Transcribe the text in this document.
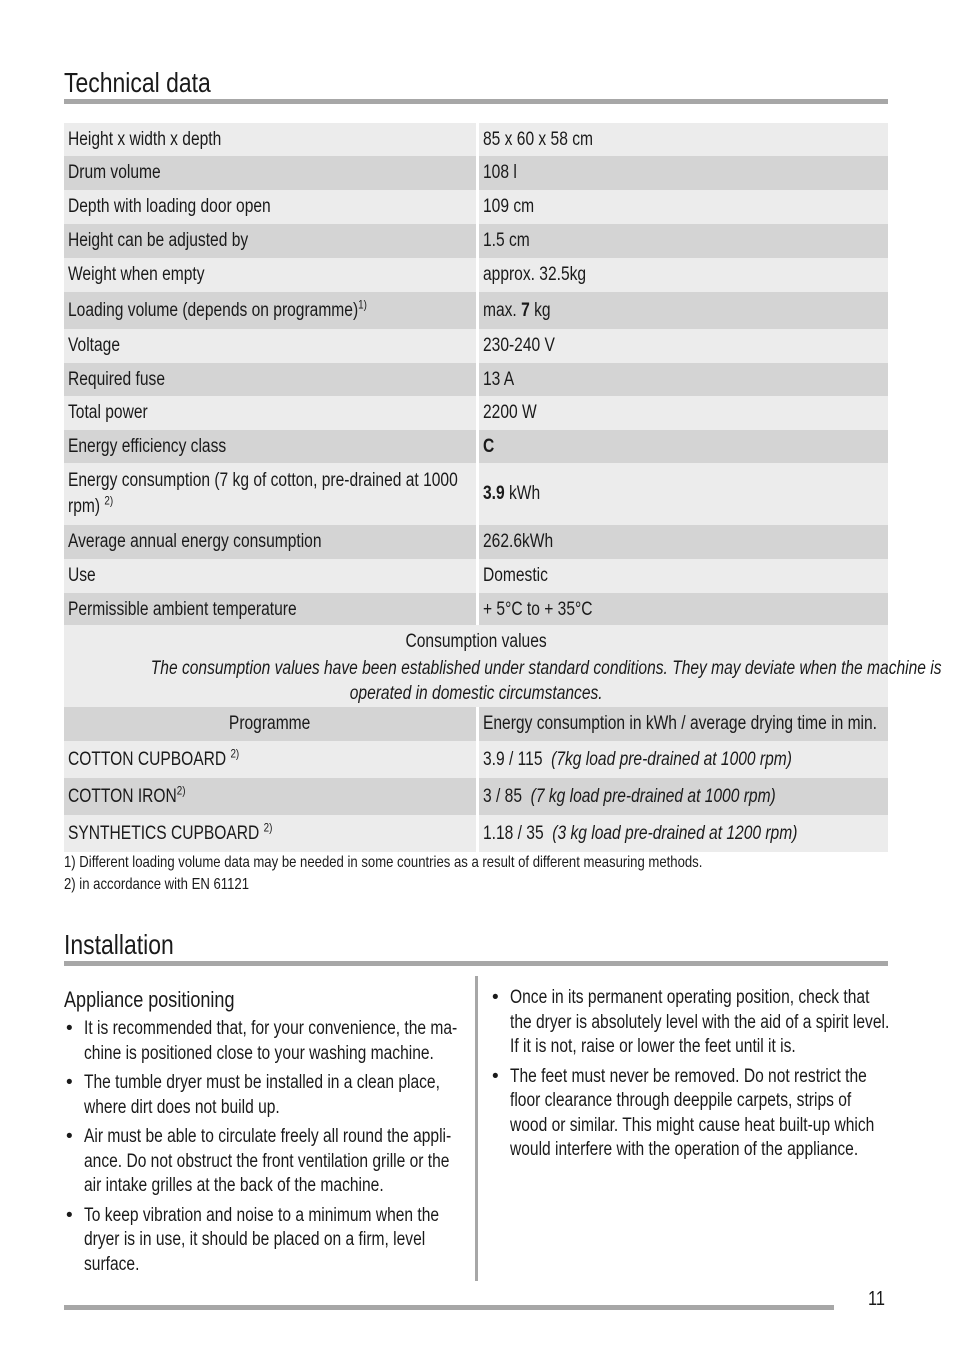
Technical data
Height x width x depth	85 x 60 x 58 cm
Drum volume	108 l
Depth with loading door open	109 cm
Height can be adjusted by	1.5 cm
Weight when empty	approx. 32.5kg
Loading volume (depends on programme)$^{1)}$	max. 7 kg
Voltage	230-240 V
Required fuse	13 A
Total power	2200 W
Energy efficiency class	C
Energy consumption (7 kg of cotton, pre-drained at 1000
rpm) $^{2)}$	3.9 kWh
Average annual energy consumption	262.6kWh
Use	Domestic
Permissible ambient temperature	+ 5°C to + 35°C
Consumption values
The consumption values have been established under standard conditions. They may deviate when the machine is
operated in domestic circumstances.
Programme	Energy consumption in kWh / average drying time in min.
COTTON CUPBOARD $^{2)}$	3.9 / 115 (7kg load pre-drained at 1000 rpm)
COTTON IRON$^{2)}$	3 / 85 (7 kg load pre-drained at 1000 rpm)
SYNTHETICS CUPBOARD $^{2)}$	1.18 / 35 (3 kg load pre-drained at 1200 rpm)
1) Different loading volume data may be needed in some countries as a result of different measuring methods.
2) in accordance with EN 61121
Installation
Appliance positioning
• It is recommended that, for your convenience, the ma-
chine is positioned close to your washing machine.
• The tumble dryer must be installed in a clean place,
where dirt does not build up.
• Air must be able to circulate freely all round the appli-
ance. Do not obstruct the front ventilation grille or the
air intake grilles at the back of the machine.
• To keep vibration and noise to a minimum when the
dryer is in use, it should be placed on a firm, level
surface.
• Once in its permanent operating position, check that
the dryer is absolutely level with the aid of a spirit level.
If it is not, raise or lower the feet until it is.
• The feet must never be removed. Do not restrict the
floor clearance through deeppile carpets, strips of
wood or similar. This might cause heat built-up which
would interfere with the operation of the appliance.
11
